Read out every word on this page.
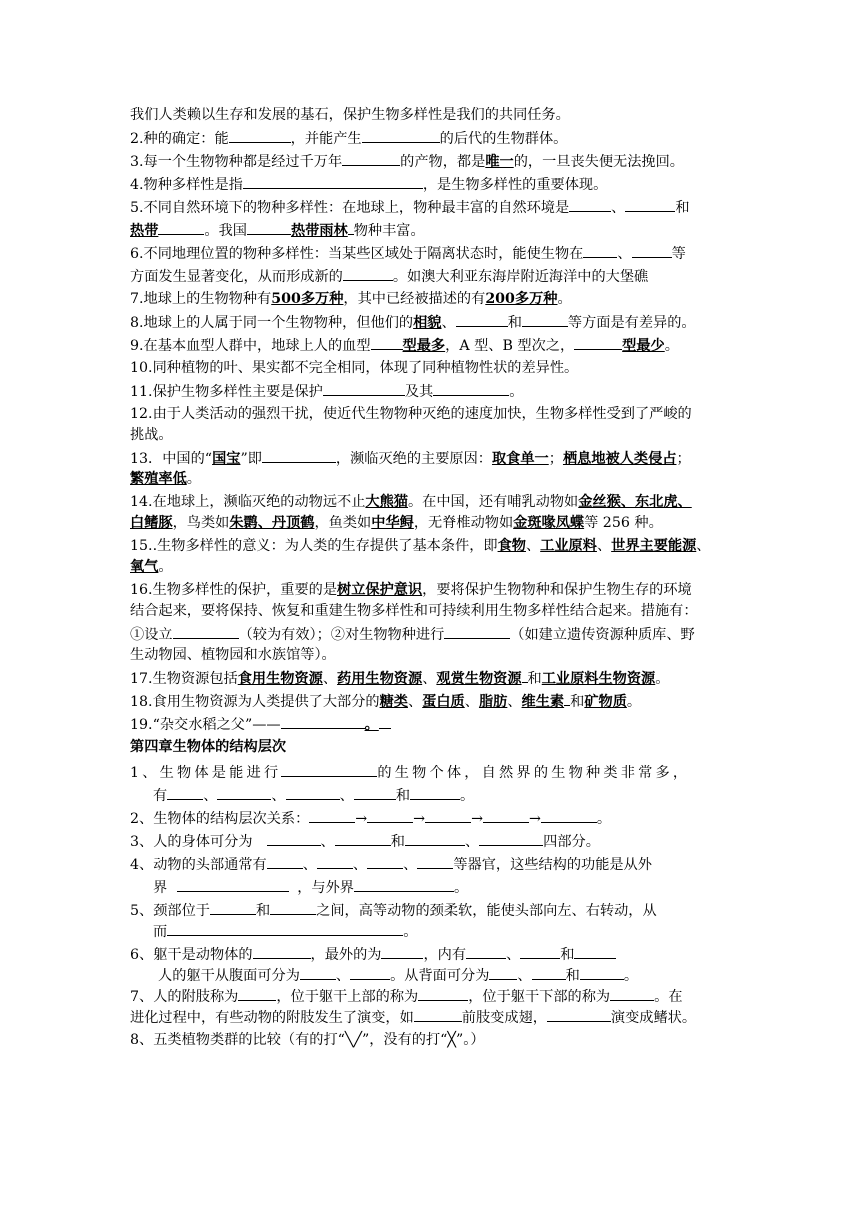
我们人类赖以生存和发展的基石，保护生物多样性是我们的共同任务。
2.种的确定：能	，并能产生	的后代的生物群体。
3.每一个生物物种都是经过千万年	的产物，都是唯一的，一旦丧失便无法挽回。
4.物种多样性是指	，是生物多样性的重要体现。
5.不同自然环境下的物种多样性：在地球上，物种最丰富的自然环境是	、	和
热带	。我国	热带雨林 物种丰富。
6.不同地理位置的物种多样性：当某些区域处于隔离状态时，能使生物在 、	等
方面发生显著变化，从而形成新的	。如澳大利亚东海岸附近海洋中的大堡礁
7.地球上的生物物种有500多万种，其中已经被描述的有200多万种。
8.地球上的人属于同一个生物物种，但他们的相貌、	和	等方面是有差异的。
9.在基本血型人群中，地球上人的血型 型最多，A 型、B 型次之，	型最少。
10.同种植物的叶、果实都不完全相同，体现了同种植物性状的差异性。
11.保护生物多样性主要是保护	及其	。
12.由于人类活动的强烈干扰，使近代生物物种灭绝的速度加快，生物多样性受到了严峻的
挑战。
13．中国的“国宝”即	，濒临灭绝的主要原因：取食单一；栖息地被人类侵占；
繁殖率低。
14.在地球上，濒临灭绝的动物远不止大熊猫。在中国，还有哺乳动物如金丝猴、东北虎、
白鳍豚，鸟类如朱鹮、丹顶鹤，鱼类如中华鲟，无脊椎动物如金斑喙凤蝶等 256 种。
15..生物多样性的意义：为人类的生存提供了基本条件，即食物、工业原料、世界主要能源、
氧气。
16.生物多样性的保护，重要的是树立保护意识，要将保护生物物种和保护生物生存的环境
结合起来，要将保持、恢复和重建生物多样性和可持续利用生物多样性结合起来。措施有：
①设立	（较为有效）；②对生物物种进行	（如建立遗传资源种质库、野
生动物园、植物园和水族馆等）。
17.生物资源包括食用生物资源、药用生物资源、观赏生物资源 和工业原料生物资源。
18.食用生物资源为人类提供了大部分的糖类、蛋白质、脂肪、维生素 和矿物质。
19.“杂交水稻之父”——	。
第四章生物体的结构层次
1、生物体是能进行	的生物个体，自然界的生物种类非常多，
有	、	、	、	和	。
2、生物体的结构层次关系：	→	→	→	→	。
3、人的身体可分为	、	和	、	四部分。
4、动物的头部通常有	、	、	、	等器官，这些结构的功能是从外
界	，与外界	。
5、颈部位于	和	之间，高等动物的颈柔软，能使头部向左、右转动，从
而	。
6、躯干是动物体的	，最外的为	，内有	、	和
人的躯干从腹面可分为	、	。从背面可分为 、 和	。
7、人的附肢称为	，位于躯干上部的称为	，位于躯干下部的称为	。在
进化过程中，有些动物的附肢发生了演变，如	前肢变成翅，	演变成鳍状。
8、五类植物类群的比较（有的打“╲╱”，没有的打“╳”。）
